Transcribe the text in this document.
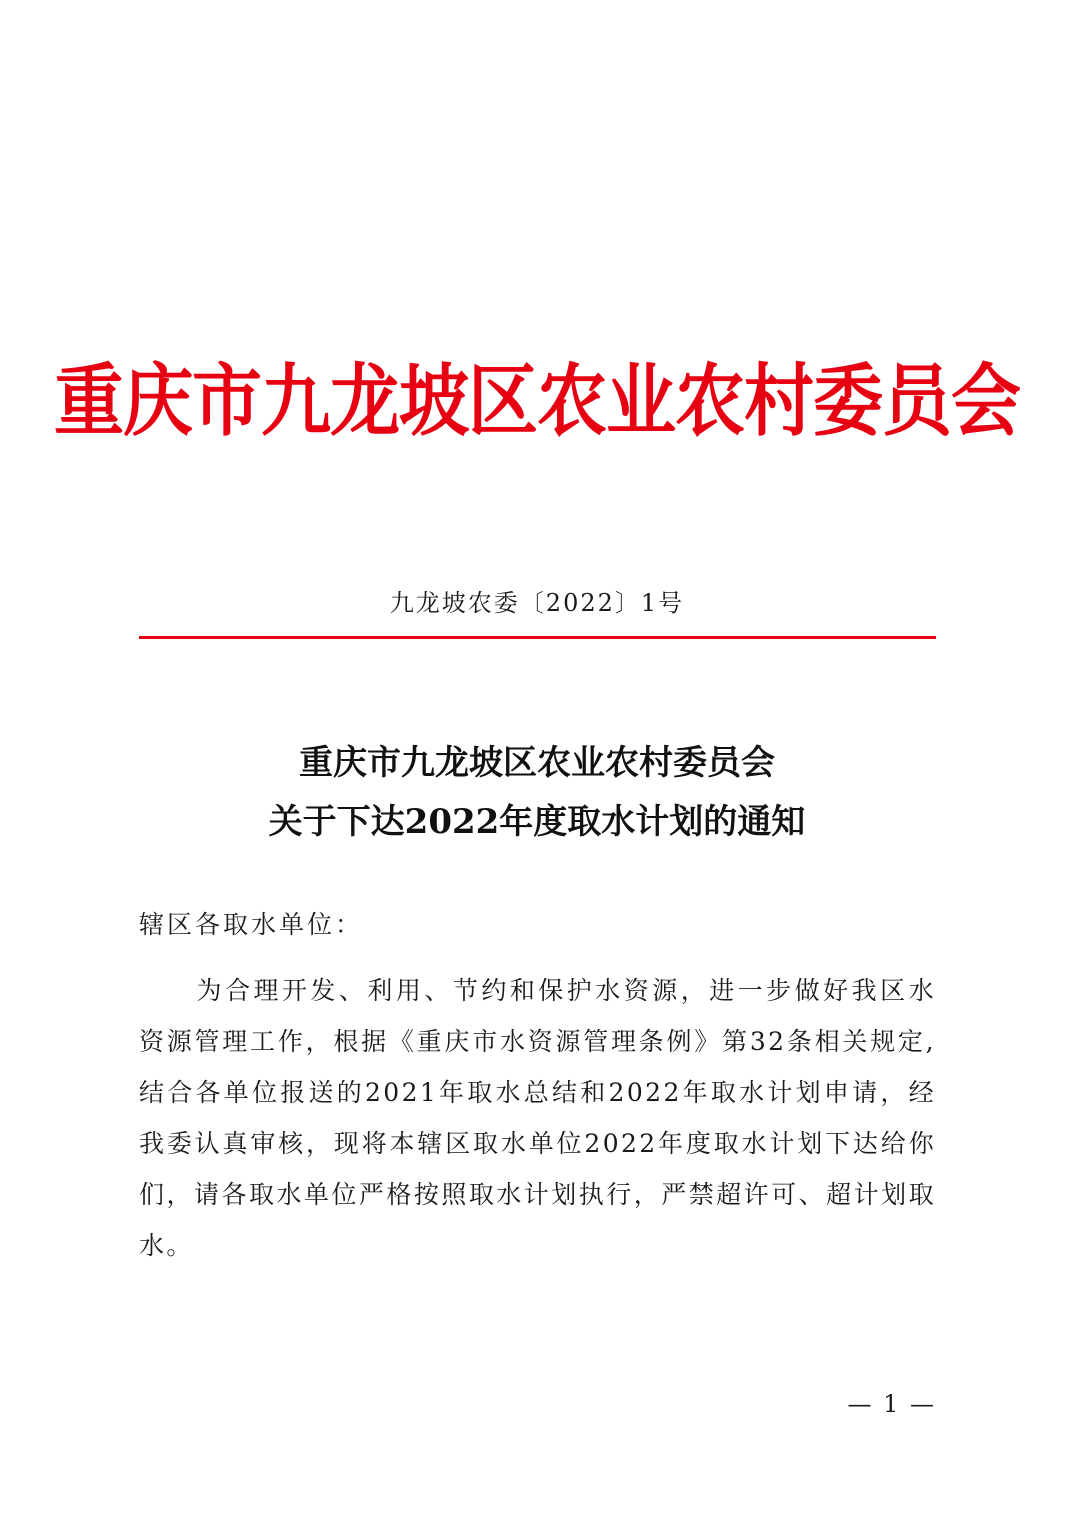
重庆市九龙坡区农业农村委员会
九龙坡农委〔2022〕1号
重庆市九龙坡区农业农村委员会
关于下达2022年度取水计划的通知
辖区各取水单位：

为合理开发、利用、节约和保护水资源，进一步做好我区水资源管理工作，根据《重庆市水资源管理条例》第32条相关规定,结合各单位报送的2021年取水总结和2022年取水计划申请，经我委认真审核，现将本辖区取水单位2022年度取水计划下达给你们，请各取水单位严格按照取水计划执行，严禁超许可、超计划取水。

— 1 —
